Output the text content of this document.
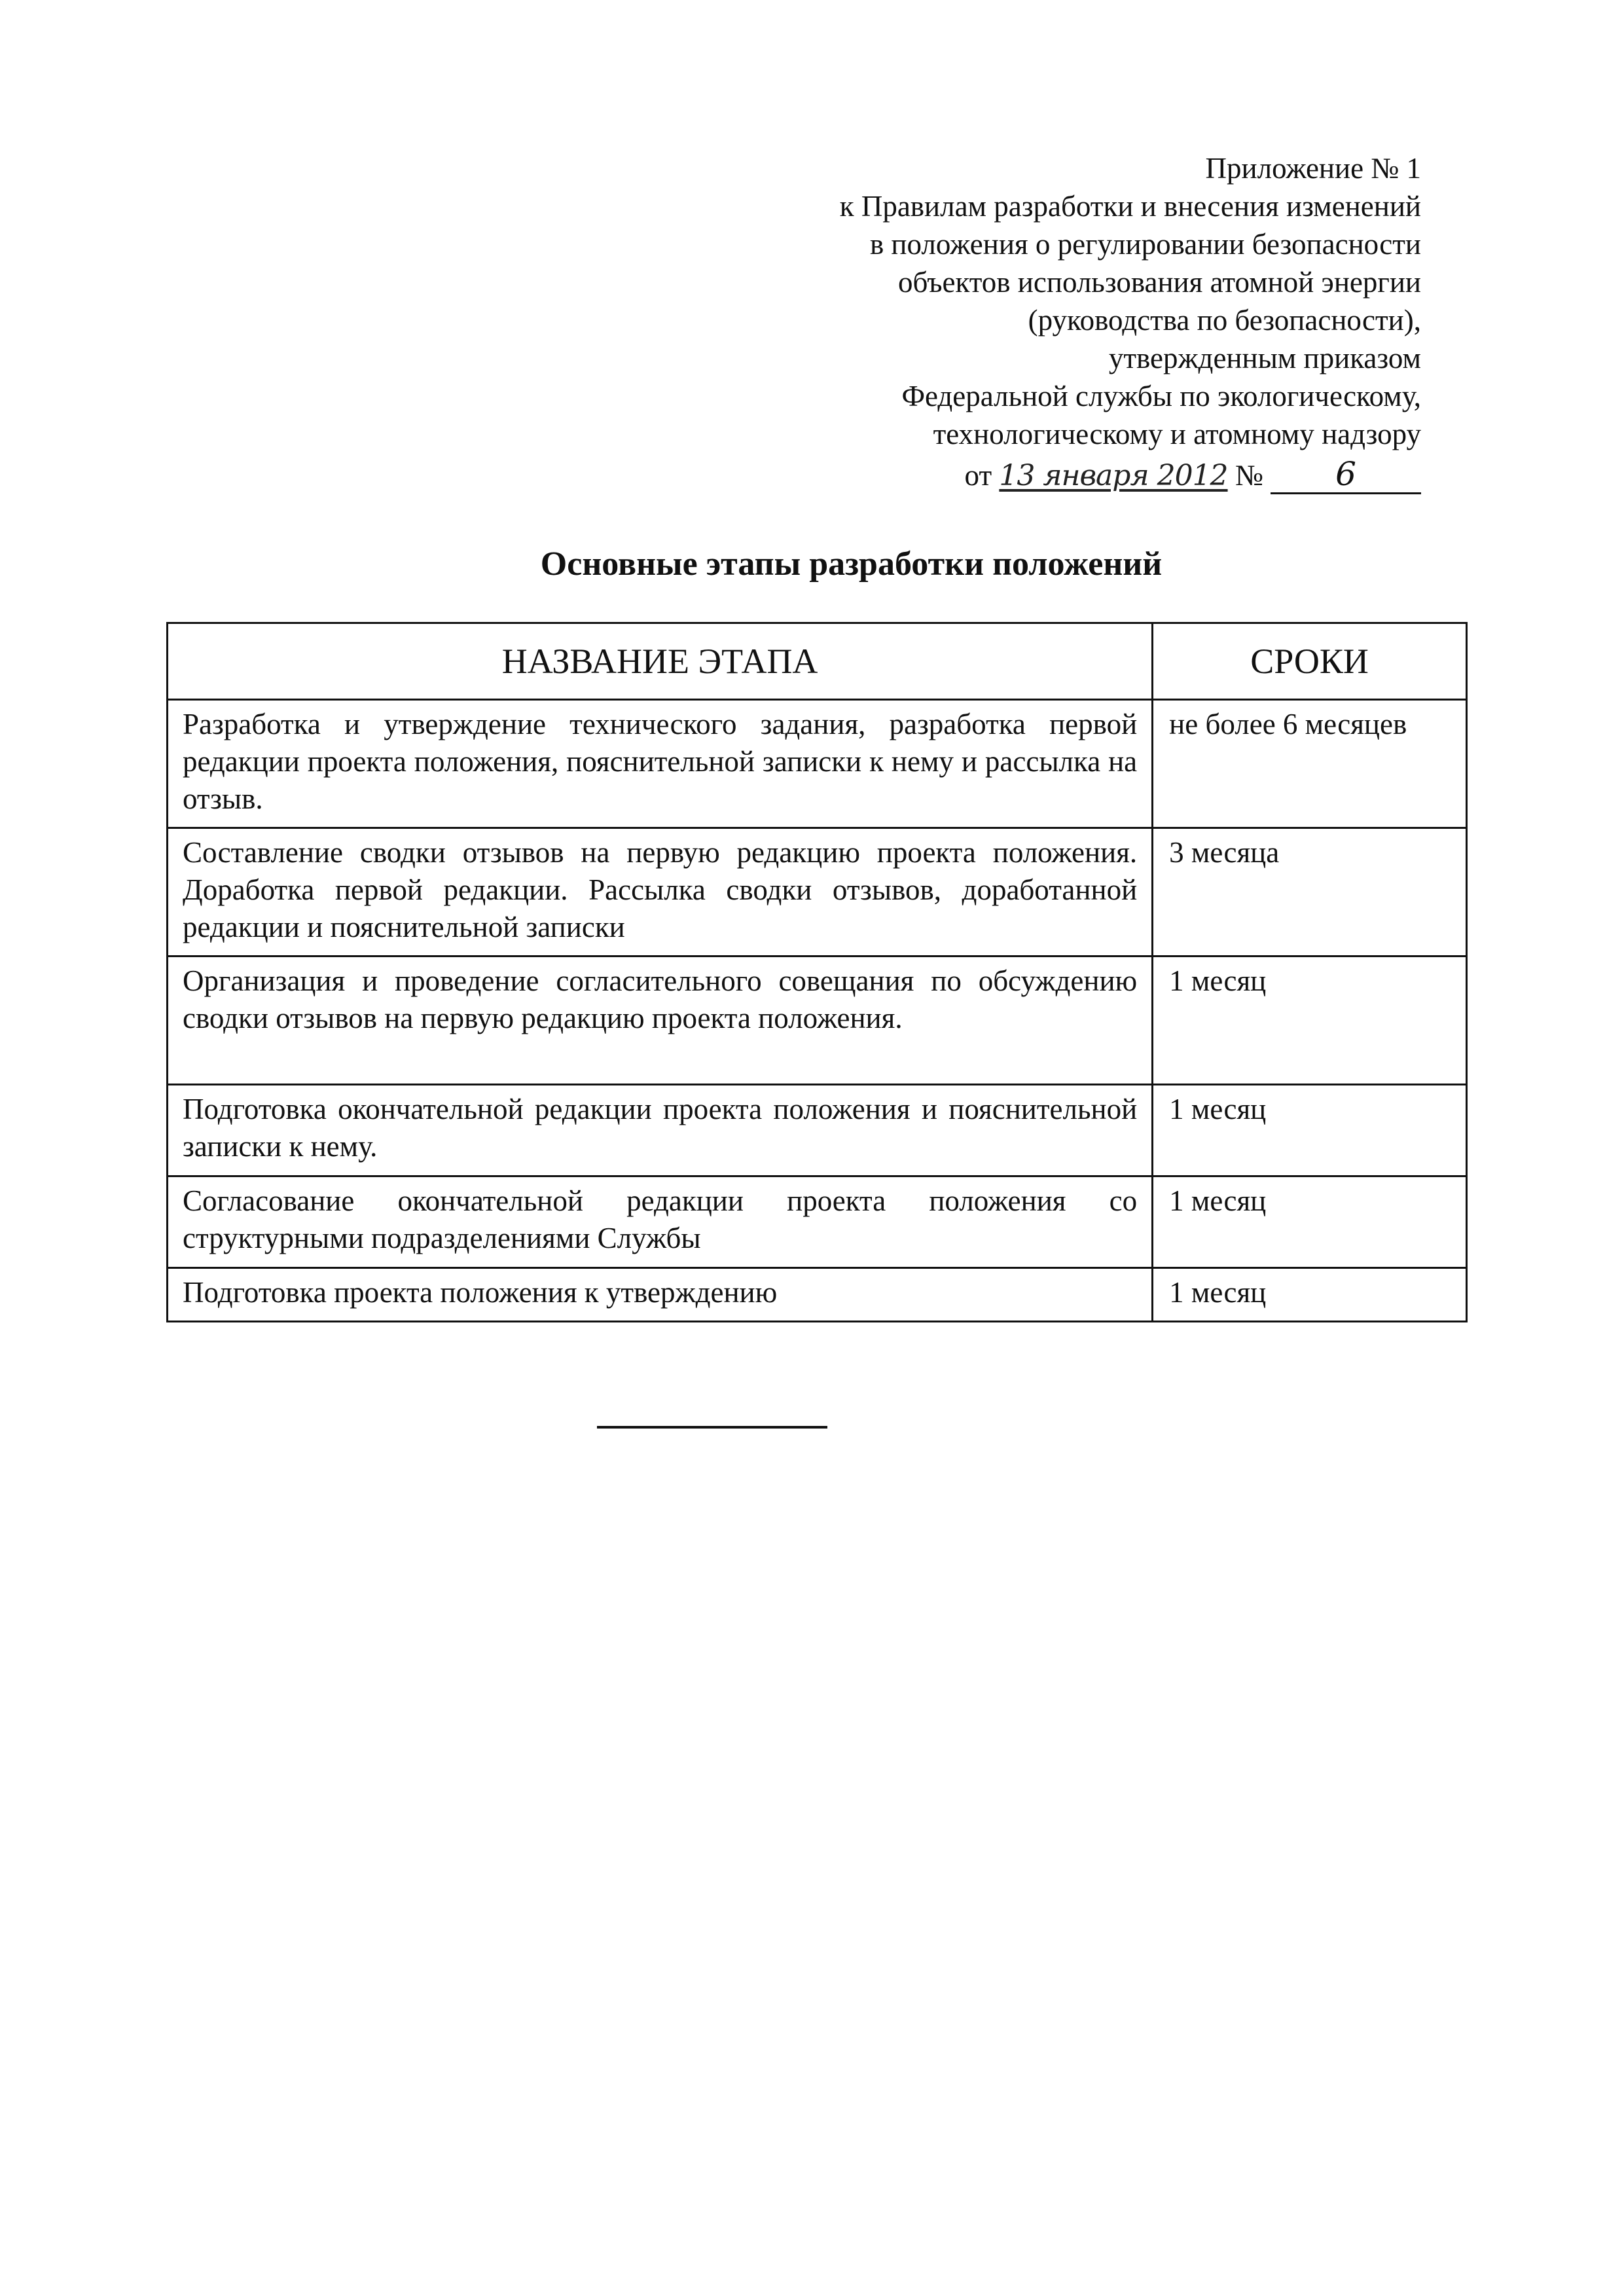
Приложение № 1
к Правилам разработки и внесения изменений
в положения о регулировании безопасности
объектов использования атомной энергии
(руководства по безопасности),
утвержденным приказом
Федеральной службы по экологическому,
технологическому и атомному надзору
от 13 января 2012 № 6
Основные этапы разработки положений
НАЗВАНИЕ ЭТАПА	СРОКИ
Разработка и утверждение технического задания, разработка первой редакции проекта положения, пояснительной записки к нему и рассылка на отзыв.	не более 6 месяцев
Составление сводки отзывов на первую редакцию проекта положения. Доработка первой редакции. Рассылка сводки отзывов, доработанной редакции и пояснительной записки	3 месяца
Организация и проведение согласительного совещания по обсуждению сводки отзывов на первую редакцию проекта положения.	1 месяц
Подготовка окончательной редакции проекта положения и пояснительной записки к нему.	1 месяц
Согласование окончательной редакции проекта положения со структурными подразделениями Службы	1 месяц
Подготовка проекта положения к утверждению	1 месяц
